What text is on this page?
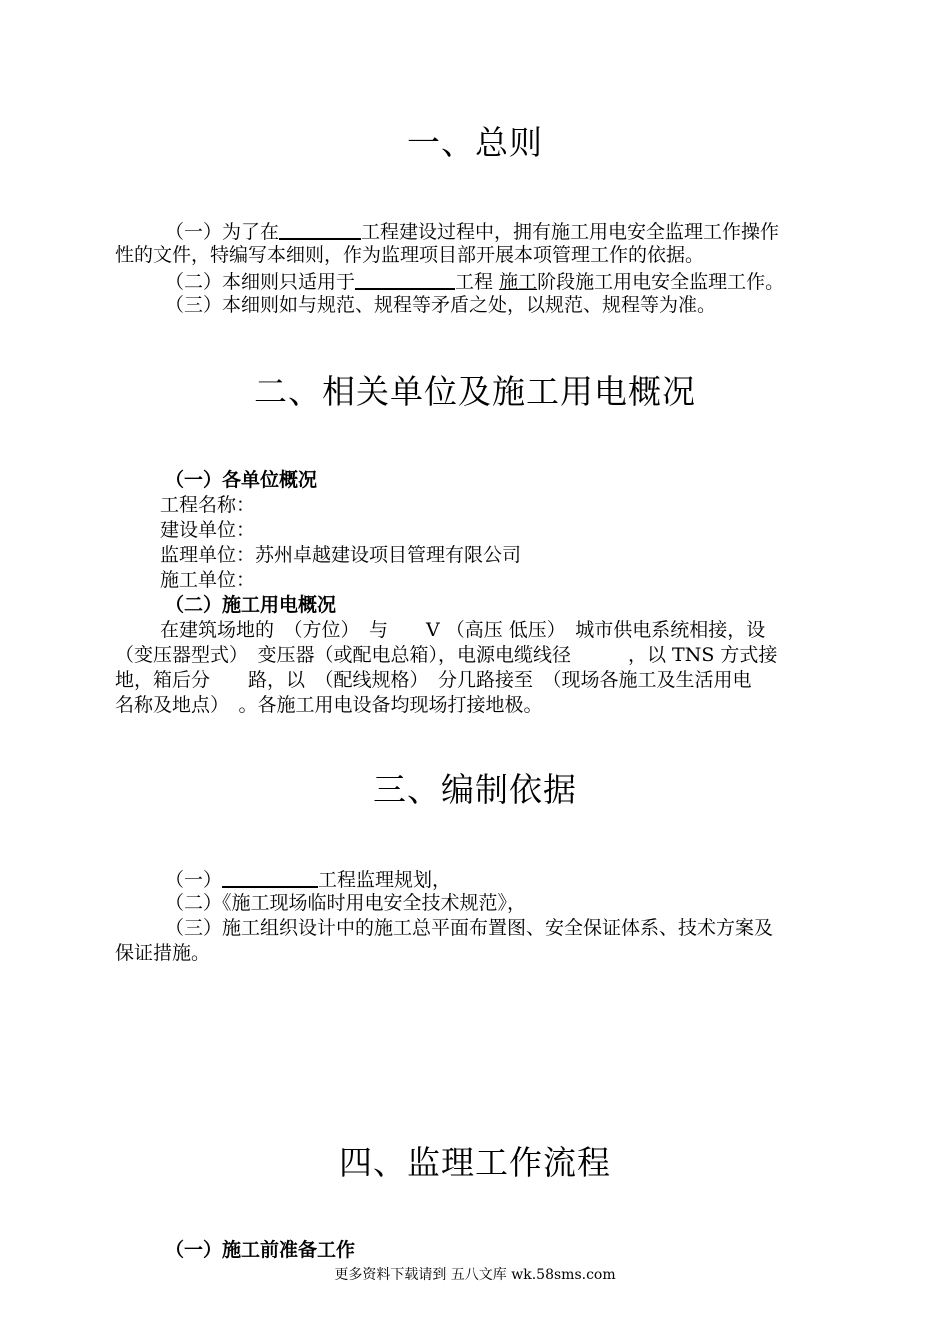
一、总则
（一）为了在	工程建设过程中，拥有施工用电安全监理工作操作
性的文件，特编写本细则，作为监理项目部开展本项管理工作的依据。
（二）本细则只适用于	工程 施工阶段施工用电安全监理工作。
（三）本细则如与规范、规程等矛盾之处，以规范、规程等为准。
二、相关单位及施工用电概况
（一）各单位概况
工程名称：
建设单位：
监理单位：苏州卓越建设项目管理有限公司
施工单位：
（二）施工用电概况
在建筑场地的　（方位）　与　　V （高压 低压）　城市供电系统相接，设
（变压器型式）　变压器（或配电总箱），电源电缆线径　　　，以 TNS 方式接
地，箱后分　　路，以　（配线规格）　分几路接至　（现场各施工及生活用电
名称及地点）　。各施工用电设备均现场打接地极。
三、编制依据
（一）	工程监理规划，
（二）《施工现场临时用电安全技术规范》，
（三）施工组织设计中的施工总平面布置图、安全保证体系、技术方案及
保证措施。
四、监理工作流程
（一）施工前准备工作
更多资料下载请到 五八文库 wk.58sms.com
